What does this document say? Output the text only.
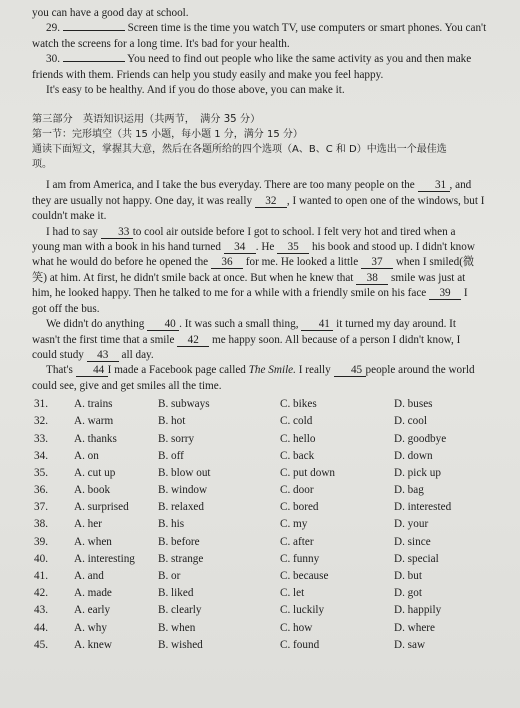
you can have a good day at school.

29.	Screen time is the time you watch TV, use computers or smart phones. You can't

watch the screens for a long time. It's bad for your health.

30.	You need to find out people who like the same activity as you and then make

friends with them. Friends can help you study easily and make you feel happy.

It's easy to be healthy. And if you do those above, you can make it.

第三部分　英语知识运用（共两节，　满分 35 分）

第一节：完形填空（共 15 小题，每小题 1 分，满分 15 分）

通读下面短文，掌握其大意，然后在各题所给的四个选项（A、B、C 和 D）中选出一个最佳选

项。

I am from America, and I take the bus everyday. There are too many people on the 31 , and

they are usually not happy. One day, it was really 32 , I wanted to open one of the windows, but I

couldn't make it.

I had to say 33 to cool air outside before I got to school. I felt very hot and tired when a

young man with a book in his hand turned 34 . He 35 his book and stood up. I didn't know

what he would do before he opened the 36 for me. He looked a little 37 when I smiled(微

笑) at him. At first, he didn't smile back at once. But when he knew that 38 smile was just at

him, he looked happy. Then he talked to me for a while with a friendly smile on his face 39 I

got off the bus.

We didn't do anything 40 . It was such a small thing, 41 it turned my day around. It

wasn't the first time that a smile 42 me happy soon. All because of a person I didn't know, I

could study 43 all day.

That's 44 I made a Facebook page called The Smile. I really 45 people around the world

could see, give and get smiles all the time.

31.	A. trains	B. subways	C. bikes	D. buses
32.	A. warm	B. hot	C. cold	D. cool
33.	A. thanks	B. sorry	C. hello	D. goodbye
34.	A. on	B. off	C. back	D. down
35.	A. cut up	B. blow out	C. put down	D. pick up
36.	A. book	B. window	C. door	D. bag
37.	A. surprised	B. relaxed	C. bored	D. interested
38.	A. her	B. his	C. my	D. your
39.	A. when	B. before	C. after	D. since
40.	A. interesting	B. strange	C. funny	D. special
41.	A. and	B. or	C. because	D. but
42.	A. made	B. liked	C. let	D. got
43.	A. early	B. clearly	C. luckily	D. happily
44.	A. why	B. when	C. how	D. where
45.	A. knew	B. wished	C. found	D. saw
